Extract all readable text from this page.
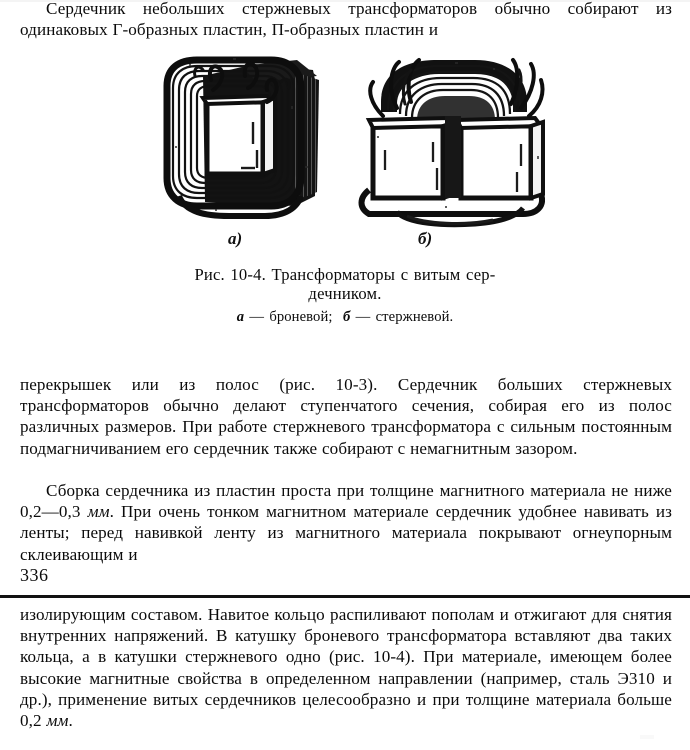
Сердечник небольших стержневых трансформаторов обычно собирают из одинаковых Г-образных пластин, П-образных пластин и
а)	б)
Рис. 10-4. Трансформаторы с витым сер-
дечником.
а — броневой; б — стержневой.
перекрышек или из полос (рис. 10-3). Сердечник больших стержневых трансформаторов обычно делают ступенчатого сечения, собирая его из полос различных размеров. При работе стержневого трансформатора с сильным постоянным подмагничиванием его сердечник также собирают с немагнитным зазором.
Сборка сердечника из пластин проста при толщине магнитного материала не ниже 0,2—0,3 мм. При очень тонком магнитном материале сердечник удобнее навивать из ленты; перед навивкой ленту из магнитного материала покрывают огнеупорным склеивающим и
336
изолирующим составом. Навитое кольцо распиливают пополам и отжигают для снятия внутренних напряжений. В катушку броневого трансформатора вставляют два таких кольца, а в катушки стержневого одно (рис. 10-4). При материале, имеющем более высокие магнитные свойства в определенном направлении (например, сталь Э310 и др.), применение витых сердечников целесообразно и при толщине материала больше 0,2 мм.
